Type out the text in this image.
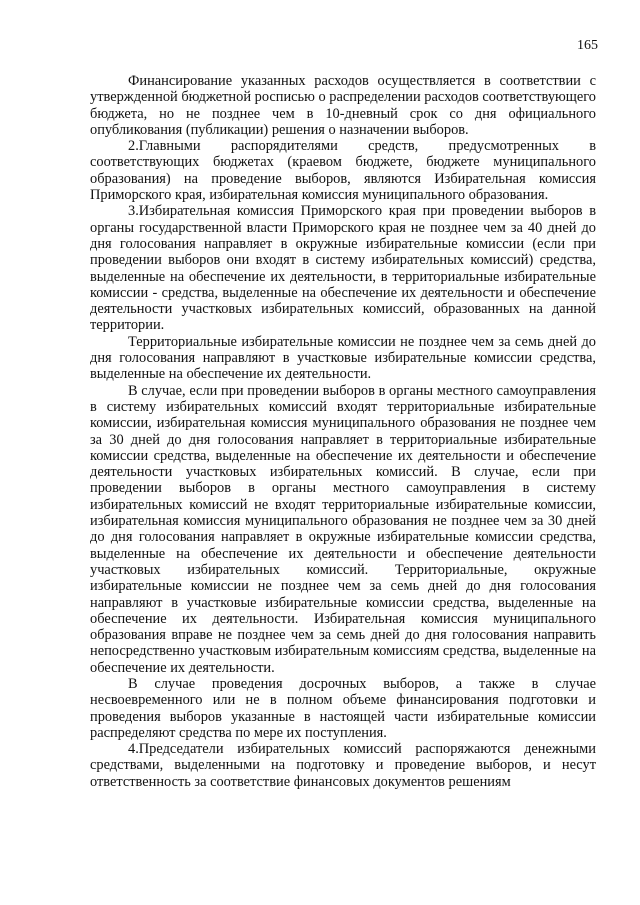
165

Финансирование указанных расходов осуществляется в соответствии с утвержденной бюджетной росписью о распределении расходов соответствующего бюджета, но не позднее чем в 10-дневный срок со дня официального опубликования (публикации) решения о назначении выборов.

2.Главными распорядителями средств, предусмотренных в соответствующих бюджетах (краевом бюджете, бюджете муниципального образования) на проведение выборов, являются Избирательная комиссия Приморского края, избирательная комиссия муниципального образования.

3.Избирательная комиссия Приморского края при проведении выборов в органы государственной власти Приморского края не позднее чем за 40 дней до дня голосования направляет в окружные избирательные комиссии (если при проведении выборов они входят в систему избирательных комиссий) средства, выделенные на обеспечение их деятельности, в территориальные избирательные комиссии - средства, выделенные на обеспечение их деятельности и обеспечение деятельности участковых избирательных комиссий, образованных на данной территории.

Территориальные избирательные комиссии не позднее чем за семь дней до дня голосования направляют в участковые избирательные комиссии средства, выделенные на обеспечение их деятельности.

В случае, если при проведении выборов в органы местного самоуправления в систему избирательных комиссий входят территориальные избирательные комиссии, избирательная комиссия муниципального образования не позднее чем за 30 дней до дня голосования направляет в территориальные избирательные комиссии средства, выделенные на обеспечение их деятельности и обеспечение деятельности участковых избирательных комиссий. В случае, если при проведении выборов в органы местного самоуправления в систему избирательных комиссий не входят территориальные избирательные комиссии, избирательная комиссия муниципального образования не позднее чем за 30 дней до дня голосования направляет в окружные избирательные комиссии средства, выделенные на обеспечение их деятельности и обеспечение деятельности участковых избирательных комиссий. Территориальные, окружные избирательные комиссии не позднее чем за семь дней до дня голосования направляют в участковые избирательные комиссии средства, выделенные на обеспечение их деятельности. Избирательная комиссия муниципального образования вправе не позднее чем за семь дней до дня голосования направить непосредственно участковым избирательным комиссиям средства, выделенные на обеспечение их деятельности.

В случае проведения досрочных выборов, а также в случае несвоевременного или не в полном объеме финансирования подготовки и проведения выборов указанные в настоящей части избирательные комиссии распределяют средства по мере их поступления.

4.Председатели избирательных комиссий распоряжаются денежными средствами, выделенными на подготовку и проведение выборов, и несут ответственность за соответствие финансовых документов решениям
